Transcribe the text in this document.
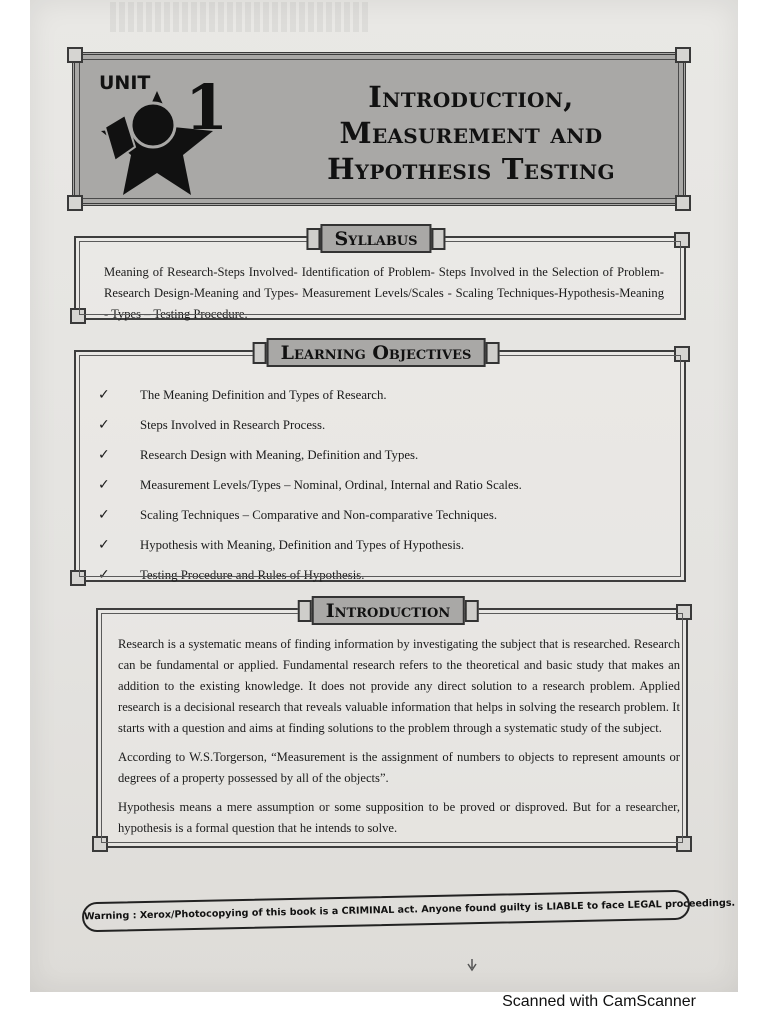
UNIT 1	Introduction,
Measurement and
Hypothesis Testing
Syllabus
Meaning of Research-Steps Involved- Identification of Problem- Steps Involved in the Selection of Problem- Research Design-Meaning and Types- Measurement Levels/Scales - Scaling Techniques-Hypothesis-Meaning - Types – Testing Procedure.
Learning Objectives
✓	The Meaning Definition and Types of Research.
✓	Steps Involved in Research Process.
✓	Research Design with Meaning, Definition and Types.
✓	Measurement Levels/Types – Nominal, Ordinal, Internal and Ratio Scales.
✓	Scaling Techniques – Comparative and Non-comparative Techniques.
✓	Hypothesis with Meaning, Definition and Types of Hypothesis.
✓	Testing Procedure and Rules of Hypothesis.
Introduction

Research is a systematic means of finding information by investigating the subject that is researched. Research can be fundamental or applied. Fundamental research refers to the theoretical and basic study that makes an addition to the existing knowledge. It does not provide any direct solution to a research problem. Applied research is a decisional research that reveals valuable information that helps in solving the research problem. It starts with a question and aims at finding solutions to the problem through a systematic study of the subject.

According to W.S.Torgerson, “Measurement is the assignment of numbers to objects to represent amounts or degrees of a property possessed by all of the objects”.

Hypothesis means a mere assumption or some supposition to be proved or disproved. But for a researcher, hypothesis is a formal question that he intends to solve.

Warning : Xerox/Photocopying of this book is a CRIMINAL act. Anyone found guilty is LIABLE to face LEGAL proceedings.
Scanned with CamScanner
